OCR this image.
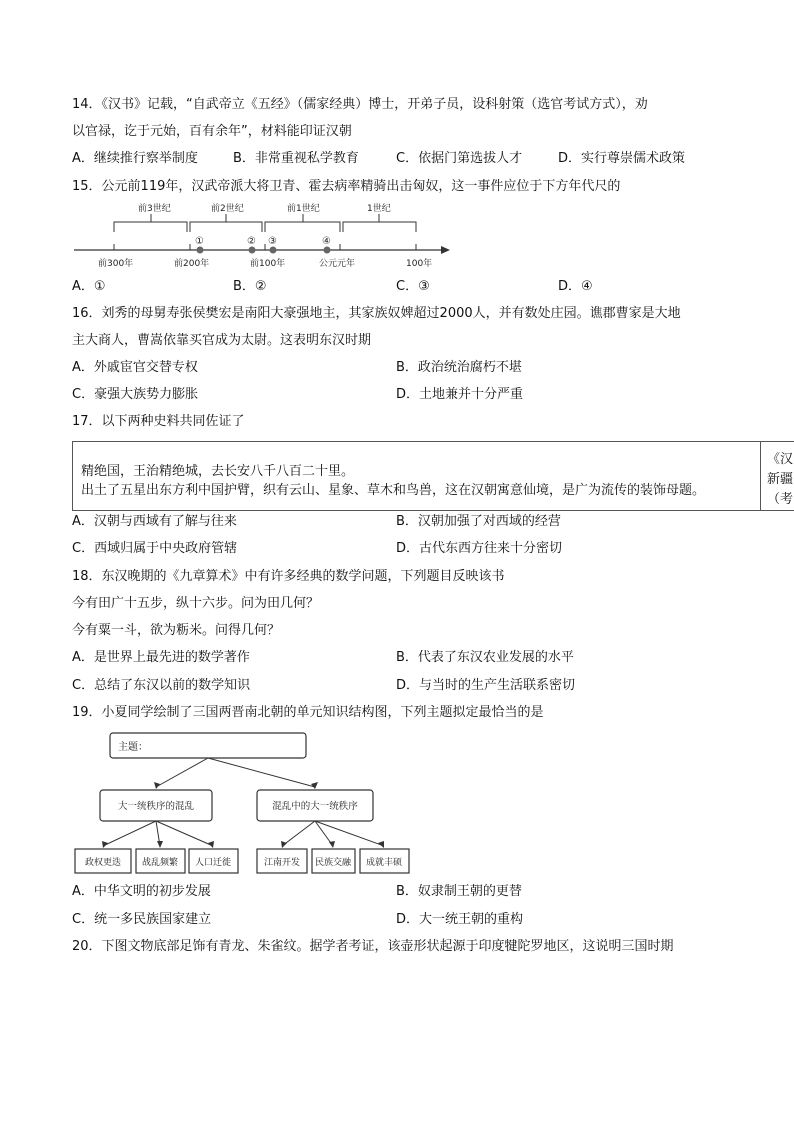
14．《汉书》记载，“自武帝立《五经》（儒家经典）博士，开弟子员，设科射策（选官考试方式），劝
以官禄，讫于元始，百有余年”，材料能印证汉朝
A．继续推行察举制度	B．非常重视私学教育	C．依据门第选拔人才	D．实行尊崇儒术政策
15．公元前119年，汉武帝派大将卫青、霍去病率精骑出击匈奴，这一事件应位于下方年代尺的
前3世纪	前2世纪	前1世纪	1世纪
①	② ③	④
前300年	前200年	前100年	公元元年	100年
A．①	B．②	C．③	D．④
16．刘秀的母舅寿张侯樊宏是南阳大豪强地主，其家族奴婢超过2000人，并有数处庄园。谯郡曹家是大地
主大商人，曹嵩依靠买官成为太尉。这表明东汉时期
A．外戚宦官交替专权	B．政治统治腐朽不堪
C．豪强大族势力膨胀	D．土地兼并十分严重
17．以下两种史料共同佐证了
精绝国，王治精绝城，去长安八千八百二十里。
出土了五星出东方利中国护臂，织有云山、星象、草木和鸟兽，这在汉朝寓意仙境，是广为流传的装饰母题。
《汉
新疆
（考
A．汉朝与西域有了解与往来	B．汉朝加强了对西域的经营
C．西域归属于中央政府管辖	D．古代东西方往来十分密切
18．东汉晚期的《九章算术》中有许多经典的数学问题，下列题目反映该书
今有田广十五步，纵十六步。问为田几何？
今有粟一斗，欲为粝米。问得几何？
A．是世界上最先进的数学著作	B．代表了东汉农业发展的水平
C．总结了东汉以前的数学知识	D．与当时的生产生活联系密切
19．小夏同学绘制了三国两晋南北朝的单元知识结构图，下列主题拟定最恰当的是
主题：
大一统秩序的混乱	混乱中的大一统秩序
政权更迭 战乱频繁 人口迁徙	江南开发 民族交融 成就丰硕
A．中华文明的初步发展	B．奴隶制王朝的更替
C．统一多民族国家建立	D．大一统王朝的重构
20．下图文物底部足饰有青龙、朱雀纹。据学者考证，该壶形状起源于印度犍陀罗地区，这说明三国时期
